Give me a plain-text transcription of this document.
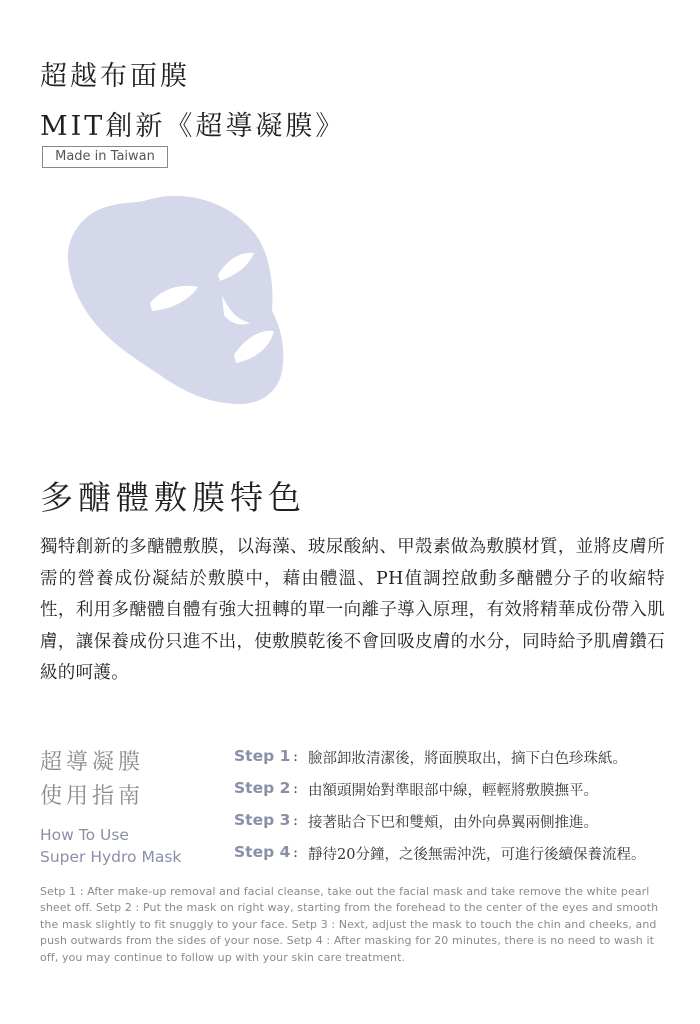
超越布面膜
MIT創新《超導凝膜》
Made in Taiwan
多醣體敷膜特色
獨特創新的多醣體敷膜，以海藻、玻尿酸納、甲殼素做為敷膜材質，並將皮膚所需的營養成份凝結於敷膜中，藉由體溫、PH值調控啟動多醣體分子的收縮特性，利用多醣體自體有強大扭轉的單一向離子導入原理，有效將精華成份帶入肌膚，讓保養成份只進不出，使敷膜乾後不會回吸皮膚的水分，同時給予肌膚鑽石級的呵護。
超導凝膜
使用指南
How To Use
Super Hydro Mask
Step 1 : 臉部卸妝清潔後，將面膜取出，摘下白色珍珠紙。
Step 2 : 由額頭開始對準眼部中線，輕輕將敷膜撫平。
Step 3 : 接著貼合下巴和雙頰，由外向鼻翼兩側推進。
Step 4 : 靜待20分鐘，之後無需沖洗，可進行後續保養流程。
Setp 1 : After make-up removal and facial cleanse, take out the facial mask and take remove the white pearl sheet off. Setp 2 : Put the mask on right way, starting from the forehead to the center of the eyes and smooth the mask slightly to fit snuggly to your face. Setp 3 : Next, adjust the mask to touch the chin and cheeks, and push outwards from the sides of your nose. Setp 4 : After masking for 20 minutes, there is no need to wash it off, you may continue to follow up with your skin care treatment.
